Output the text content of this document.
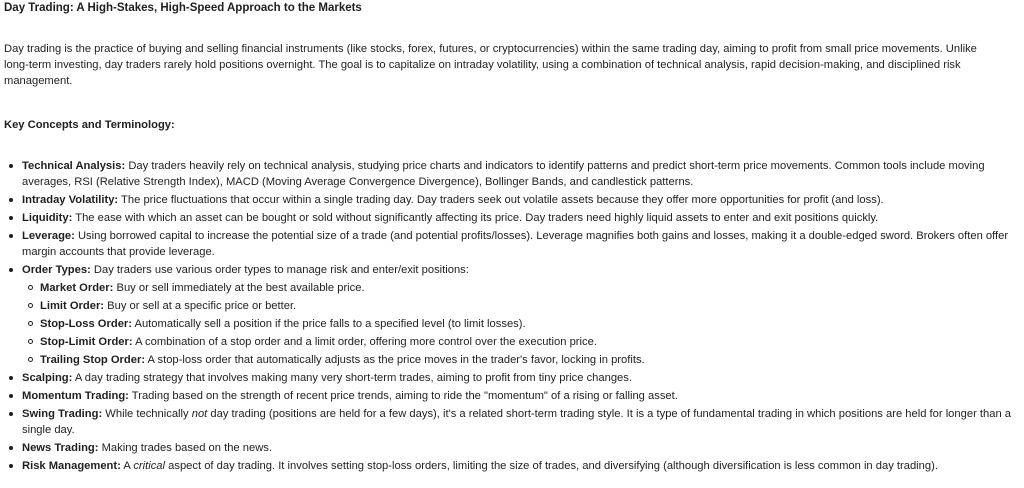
Day Trading: A High-Stakes, High-Speed Approach to the Markets

Day trading is the practice of buying and selling financial instruments (like stocks, forex, futures, or cryptocurrencies) within the same trading day, aiming to profit from small price movements. Unlike long-term investing, day traders rarely hold positions overnight. The goal is to capitalize on intraday volatility, using a combination of technical analysis, rapid decision-making, and disciplined risk management.

Key Concepts and Terminology:

Technical Analysis: Day traders heavily rely on technical analysis, studying price charts and indicators to identify patterns and predict short-term price movements. Common tools include moving averages, RSI (Relative Strength Index), MACD (Moving Average Convergence Divergence), Bollinger Bands, and candlestick patterns.
Intraday Volatility: The price fluctuations that occur within a single trading day. Day traders seek out volatile assets because they offer more opportunities for profit (and loss).
Liquidity: The ease with which an asset can be bought or sold without significantly affecting its price. Day traders need highly liquid assets to enter and exit positions quickly.
Leverage: Using borrowed capital to increase the potential size of a trade (and potential profits/losses). Leverage magnifies both gains and losses, making it a double-edged sword. Brokers often offer margin accounts that provide leverage.
Order Types: Day traders use various order types to manage risk and enter/exit positions:
Market Order: Buy or sell immediately at the best available price.
Limit Order: Buy or sell at a specific price or better.
Stop-Loss Order: Automatically sell a position if the price falls to a specified level (to limit losses).
Stop-Limit Order: A combination of a stop order and a limit order, offering more control over the execution price.
Trailing Stop Order: A stop-loss order that automatically adjusts as the price moves in the trader's favor, locking in profits.
Scalping: A day trading strategy that involves making many very short-term trades, aiming to profit from tiny price changes.
Momentum Trading: Trading based on the strength of recent price trends, aiming to ride the "momentum" of a rising or falling asset.
Swing Trading: While technically not day trading (positions are held for a few days), it's a related short-term trading style. It is a type of fundamental trading in which positions are held for longer than a single day.
News Trading: Making trades based on the news.
Risk Management: A critical aspect of day trading. It involves setting stop-loss orders, limiting the size of trades, and diversifying (although diversification is less common in day trading).
